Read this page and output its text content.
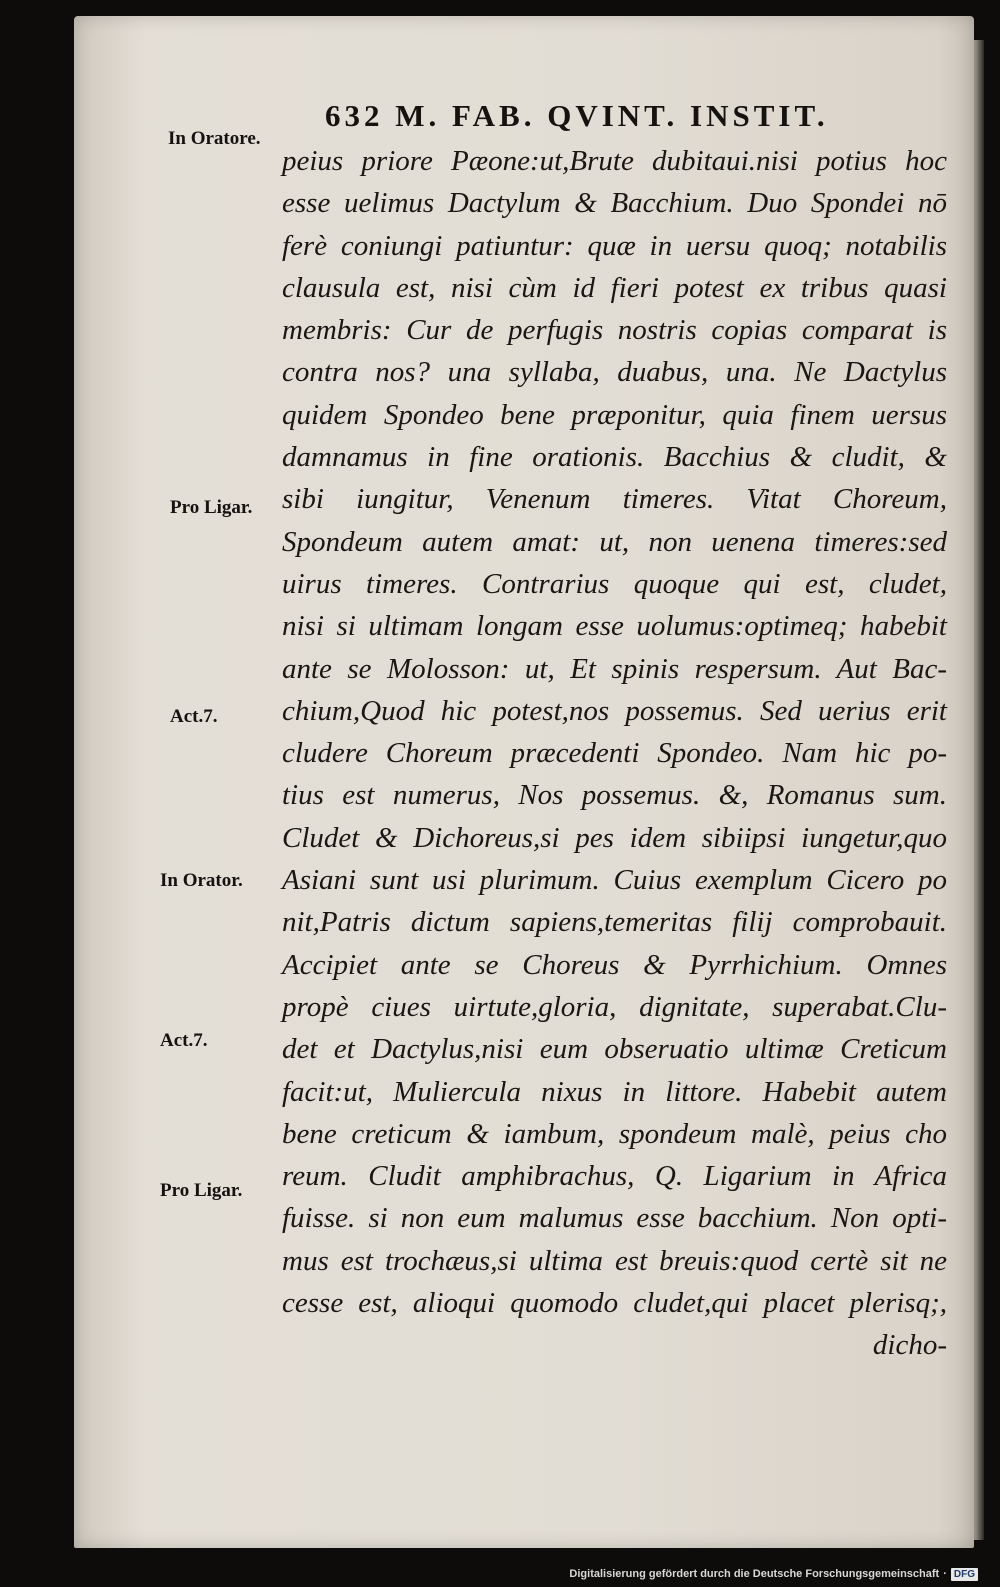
632 M. FAB. QVINT. INSTIT.
In Oratore.
Pro Ligar.
Act.7.
In Orator.
Act.7.
Pro Ligar.
peius priore Pæone:ut,Brute dubitaui.nisi potius hoc
esse uelimus Dactylum & Bacchium. Duo Spondei nō
ferè coniungi patiuntur: quæ in uersu quoq; notabilis
clausula est, nisi cùm id fieri potest ex tribus quasi
membris: Cur de perfugis nostris copias comparat is
contra nos? una syllaba, duabus, una. Ne Dactylus
quidem Spondeo bene præponitur, quia finem uersus
damnamus in fine orationis. Bacchius & cludit, &
sibi iungitur, Venenum timeres. Vitat Choreum,
Spondeum autem amat: ut, non uenena timeres:sed
uirus timeres. Contrarius quoque qui est, cludet,
nisi si ultimam longam esse uolumus:optimeq; habebit
ante se Molosson: ut, Et spinis respersum. Aut Bac-
chium,Quod hic potest,nos possemus. Sed uerius erit
cludere Choreum præcedenti Spondeo. Nam hic po-
tius est numerus, Nos possemus. &, Romanus sum.
Cludet & Dichoreus,si pes idem sibiipsi iungetur,quo
Asiani sunt usi plurimum. Cuius exemplum Cicero po
nit,Patris dictum sapiens,temeritas filij comprobauit.
Accipiet ante se Choreus & Pyrrhichium. Omnes
propè ciues uirtute,gloria, dignitate, superabat.Clu-
det et Dactylus,nisi eum obseruatio ultimæ Creticum
facit:ut, Muliercula nixus in littore. Habebit autem
bene creticum & iambum, spondeum malè, peius cho
reum. Cludit amphibrachus, Q. Ligarium in Africa
fuisse. si non eum malumus esse bacchium. Non opti-
mus est trochæus,si ultima est breuis:quod certè sit ne
cesse est, alioqui quomodo cludet,qui placet plerisq;,
dicho-
Digitalisierung gefördert durch die Deutsche Forschungsgemeinschaft · DFG
